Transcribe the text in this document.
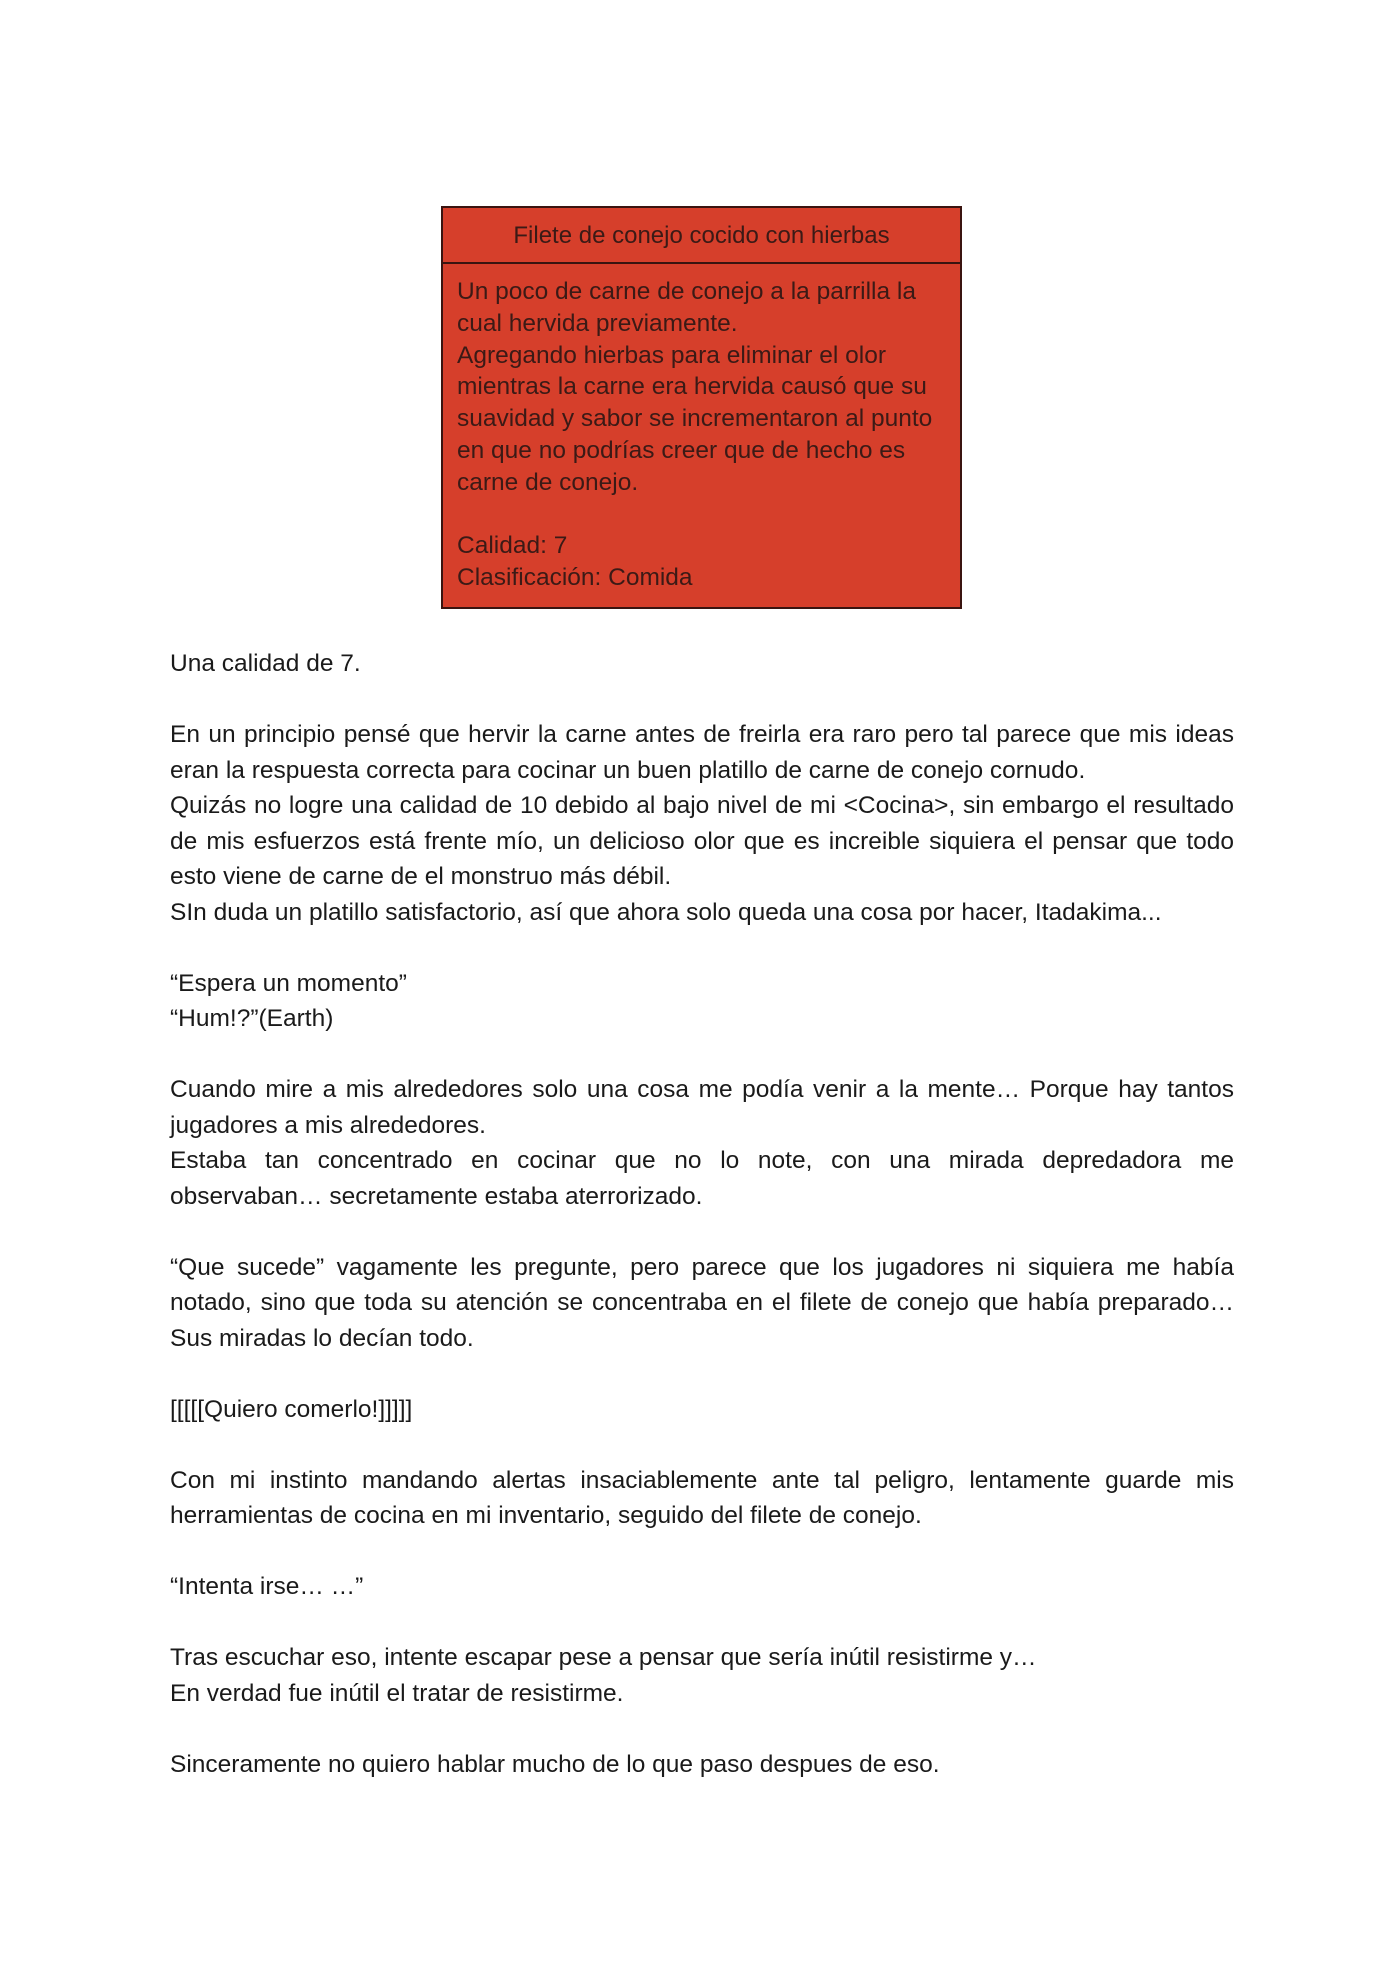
Filete de conejo cocido con hierbas

Un poco de carne de conejo a la parrilla la cual hervida previamente.
Agregando hierbas para eliminar el olor mientras la carne era hervida causó que su suavidad y sabor se incrementaron al punto en que no podrías creer que de hecho es carne de conejo.

Calidad: 7
Clasificación: Comida

Una calidad de 7.

En un principio pensé que hervir la carne antes de freirla era raro pero tal parece que mis ideas eran la respuesta correcta para cocinar un buen platillo de carne de conejo cornudo.
Quizás no logre una calidad de 10 debido al bajo nivel de mi <Cocina>, sin embargo el resultado de mis esfuerzos está frente mío, un delicioso olor que es increible siquiera el pensar que todo esto viene de carne de el monstruo más débil.
SIn duda un platillo satisfactorio, así que ahora solo queda una cosa por hacer, Itadakima...

“Espera un momento”
“Hum!?”(Earth)

Cuando mire a mis alrededores solo una cosa me podía venir a la mente… Porque hay tantos jugadores a mis alrededores.
Estaba tan concentrado en cocinar que no lo note, con una mirada depredadora me observaban… secretamente estaba aterrorizado.

“Que sucede” vagamente les pregunte, pero parece que los jugadores ni siquiera me había notado, sino que toda su atención se concentraba en el filete de conejo que había preparado… Sus miradas lo decían todo.

[[[[[Quiero comerlo!]]]]]

Con mi instinto mandando alertas insaciablemente ante tal peligro, lentamente guarde mis herramientas de cocina en mi inventario, seguido del filete de conejo.

“Intenta irse… …”

Tras escuchar eso, intente escapar pese a pensar que sería inútil resistirme y…
En verdad fue inútil el tratar de resistirme.

Sinceramente no quiero hablar mucho de lo que paso despues de eso.
